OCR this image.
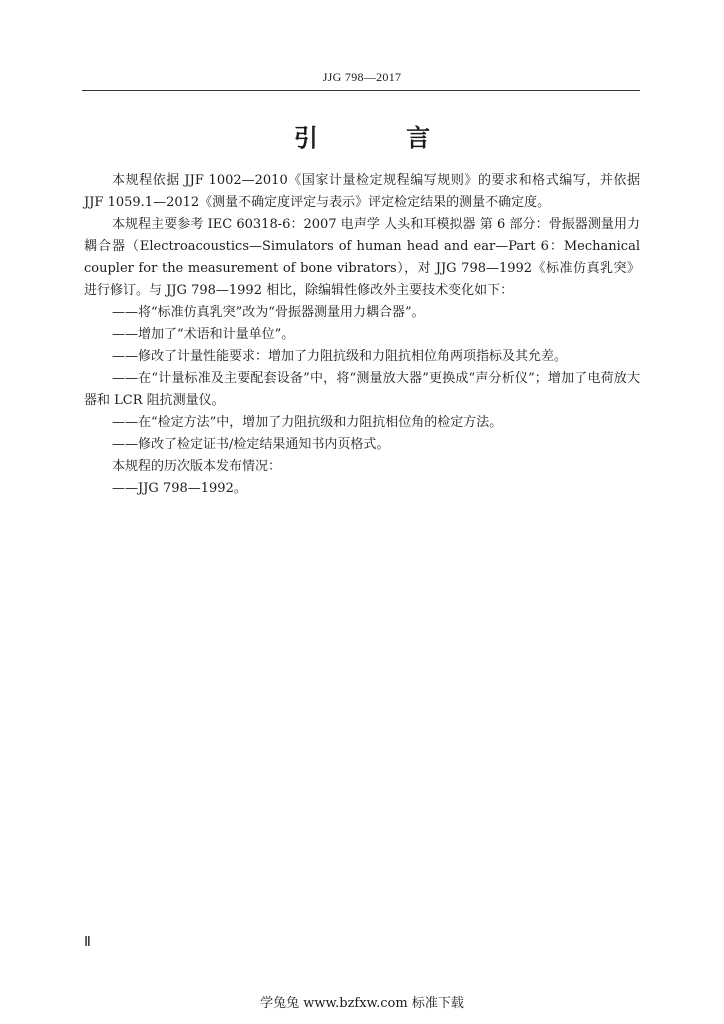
JJG 798—2017
引 言

本规程依据 JJF 1002—2010《国家计量检定规程编写规则》的要求和格式编写，并依据 JJF 1059.1—2012《测量不确定度评定与表示》评定检定结果的测量不确定度。

本规程主要参考 IEC 60318-6：2007 电声学 人头和耳模拟器 第 6 部分：骨振器测量用力耦合器（Electroacoustics—Simulators of human head and ear—Part 6：Mechanical coupler for the measurement of bone vibrators），对 JJG 798—1992《标准仿真乳突》进行修订。与 JJG 798—1992 相比，除编辑性修改外主要技术变化如下：

——将“标准仿真乳突”改为“骨振器测量用力耦合器”。

——增加了“术语和计量单位”。

——修改了计量性能要求：增加了力阻抗级和力阻抗相位角两项指标及其允差。

——在“计量标准及主要配套设备”中，将“测量放大器”更换成“声分析仪”；增加了电荷放大器和 LCR 阻抗测量仪。

——在“检定方法”中，增加了力阻抗级和力阻抗相位角的检定方法。

——修改了检定证书/检定结果通知书内页格式。

本规程的历次版本发布情况：

——JJG 798—1992。

Ⅱ
学兔兔 www.bzfxw.com 标准下载
